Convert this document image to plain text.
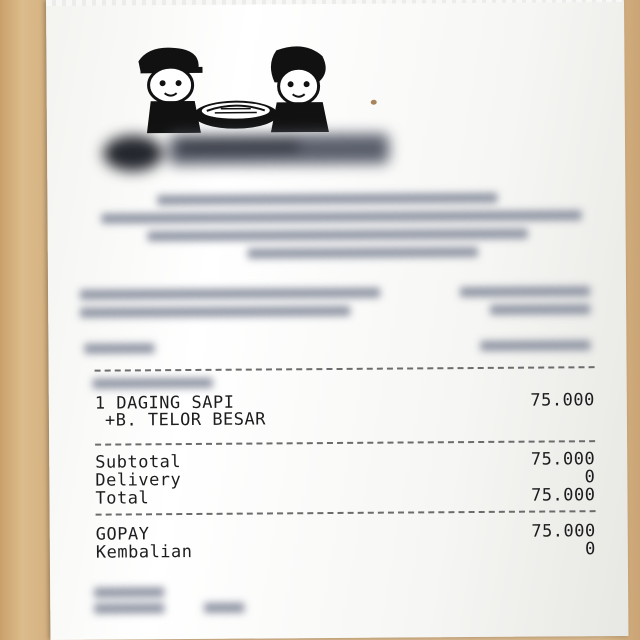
1 DAGING SAPI	75.000
+B. TELOR BESAR
Subtotal	75.000
Delivery	0
Total	75.000
GOPAY	75.000
Kembalian	0
